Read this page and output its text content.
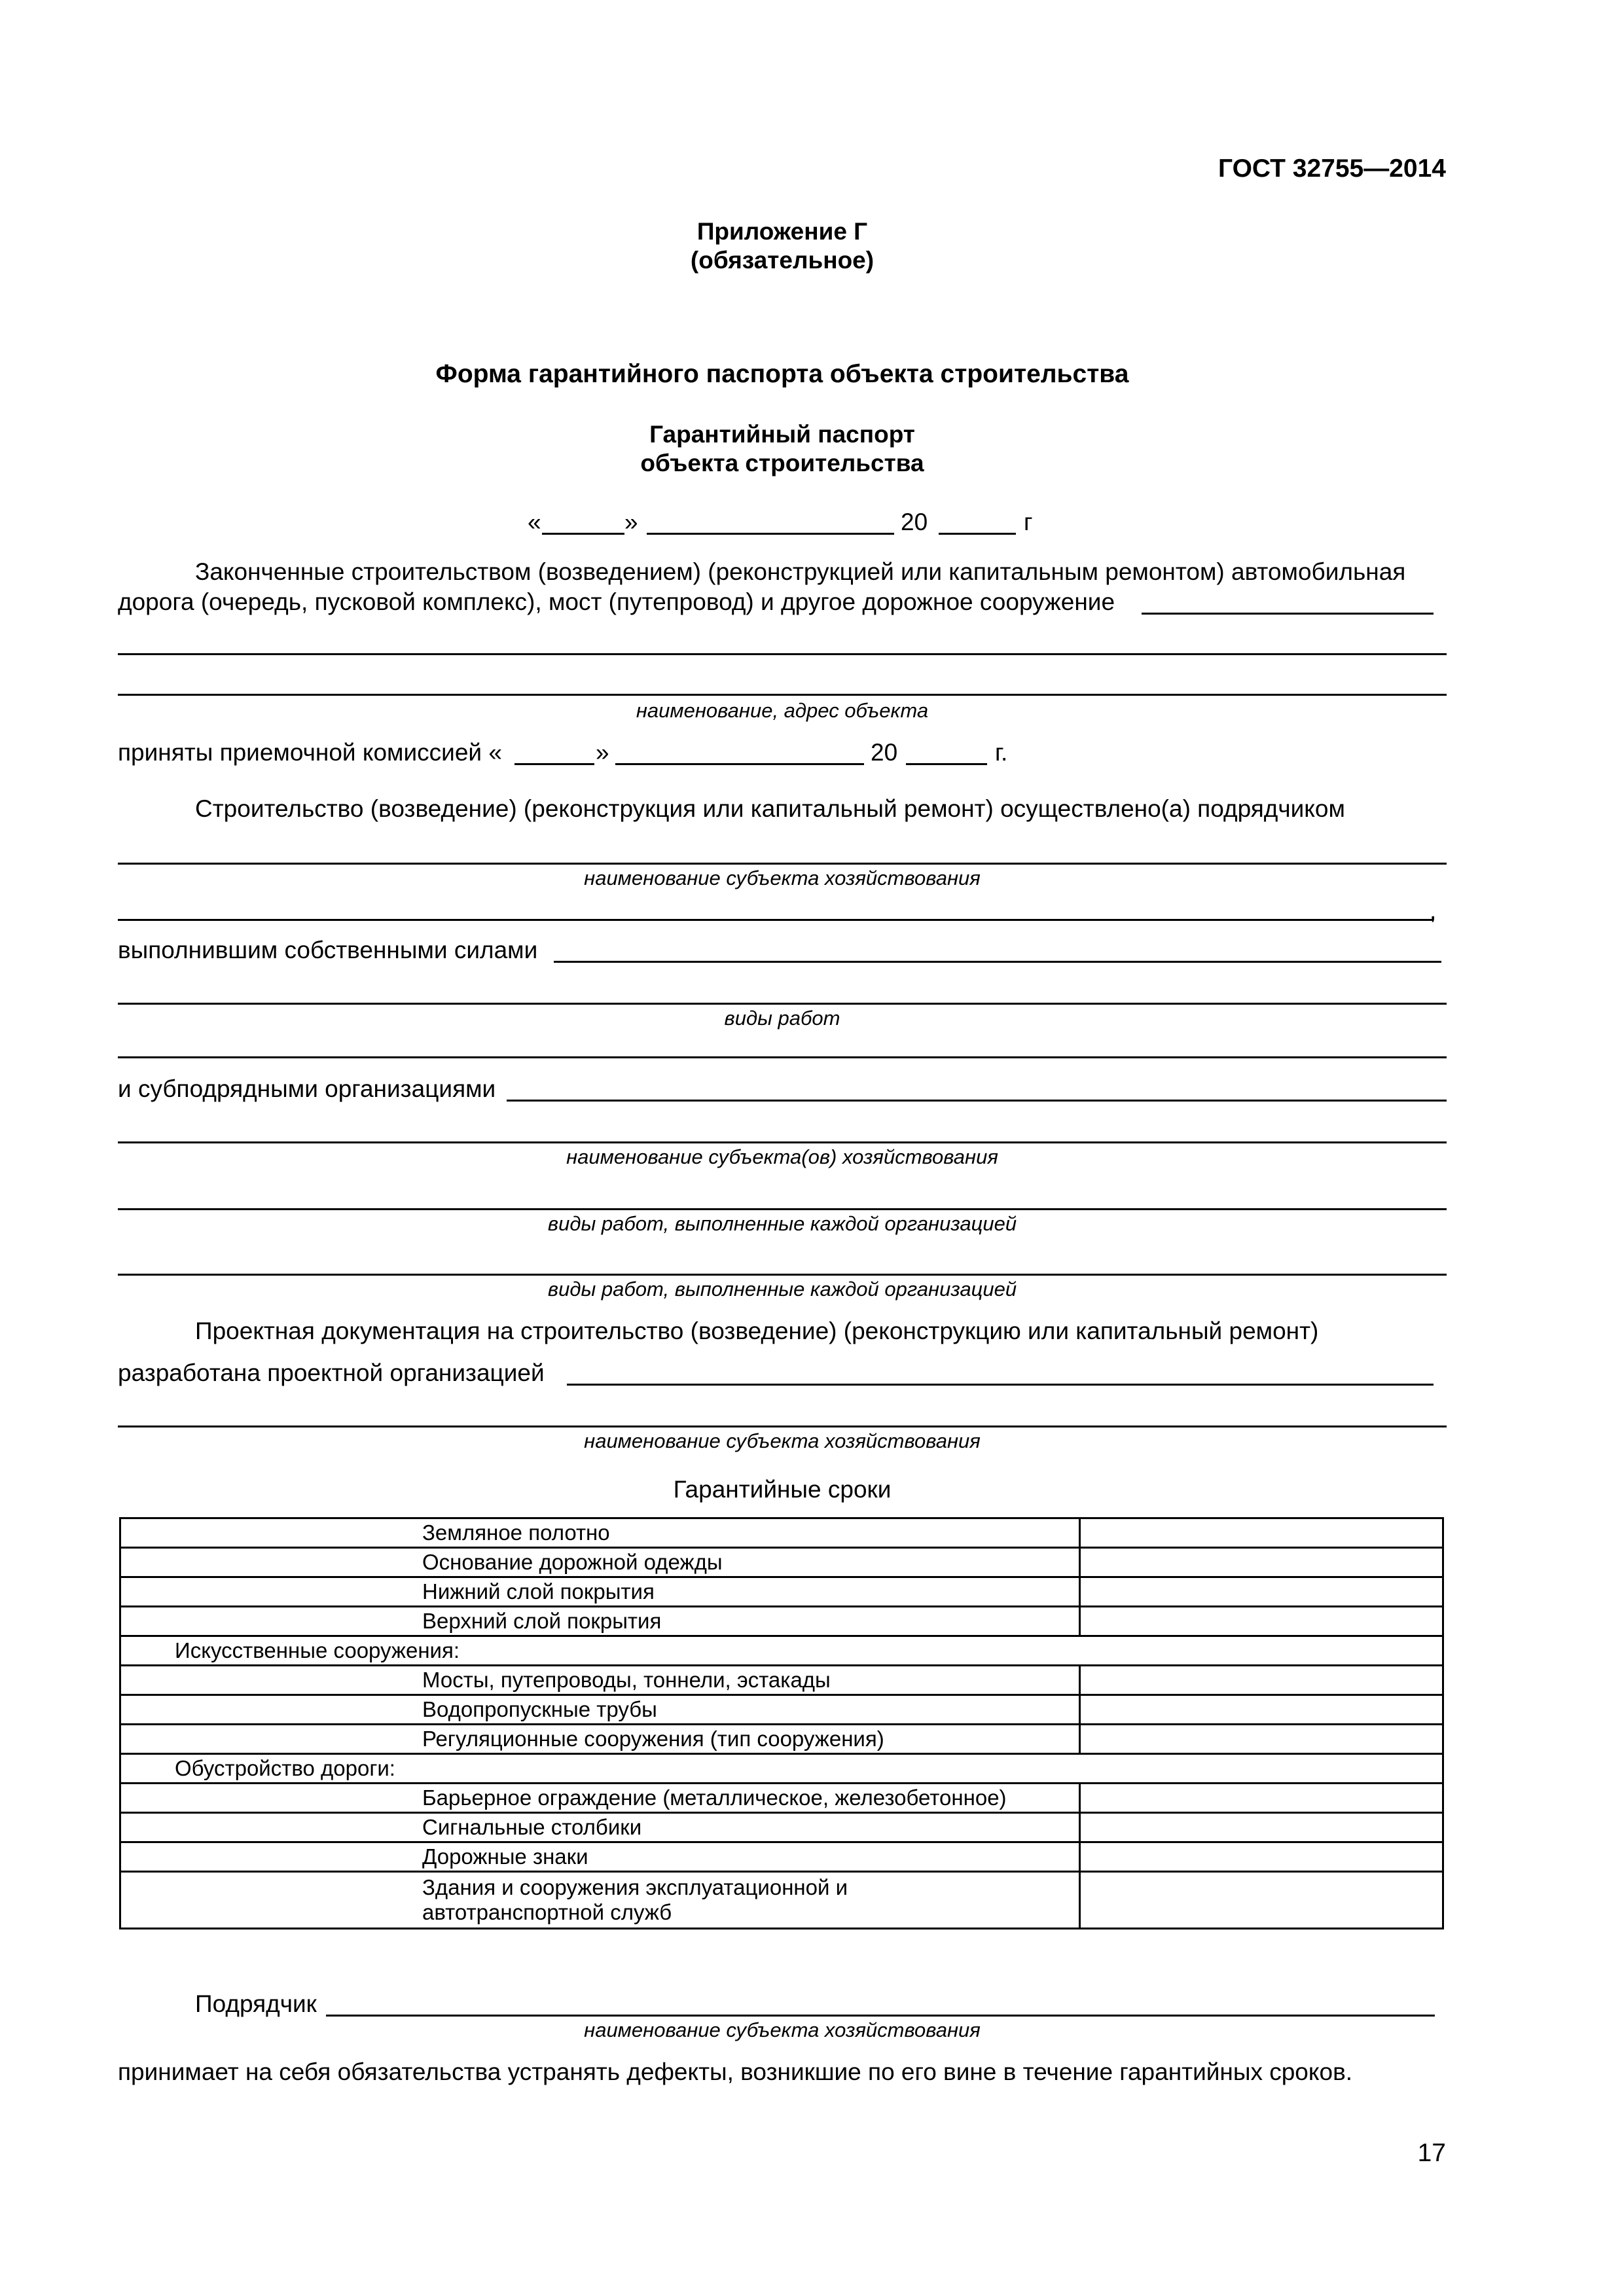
ГОСТ 32755—2014
Приложение Г
(обязательное)
Форма гарантийного паспорта объекта строительства
Гарантийный паспорт
объекта строительства
«	»	20	г
Законченные строительством (возведением) (реконструкцией или капитальным ремонтом) автомобильная
дорога (очередь, пусковой комплекс), мост (путепровод) и другое дорожное сооружение
наименование, адрес объекта
приняты приемочной комиссией «	»	20	г.
Строительство (возведение) (реконструкция или капитальный ремонт) осуществлено(а) подрядчиком
наименование субъекта хозяйствования
,
выполнившим собственными силами
виды работ
и субподрядными организациями
наименование субъекта(ов) хозяйствования
виды работ, выполненные каждой организацией
виды работ, выполненные каждой организацией
Проектная документация на строительство (возведение) (реконструкцию или капитальный ремонт)
разработана проектной организацией
наименование субъекта хозяйствования
Гарантийные сроки
	Земляное полотно	
	Основание дорожной одежды	
	Нижний слой покрытия	
	Верхний слой покрытия	
Искусственные сооружения:		
	Мосты, путепроводы, тоннели, эстакады	
	Водопропускные трубы	
	Регуляционные сооружения (тип сооружения)	
Обустройство дороги:		
	Барьерное ограждение (металлическое, железобетонное)	
	Сигнальные столбики	
	Дорожные знаки	

	Здания и сооружения эксплуатационной и
автотранспортной служб	

Подрядчик
наименование субъекта хозяйствования
принимает на себя обязательства устранять дефекты, возникшие по его вине в течение гарантийных сроков.
17
